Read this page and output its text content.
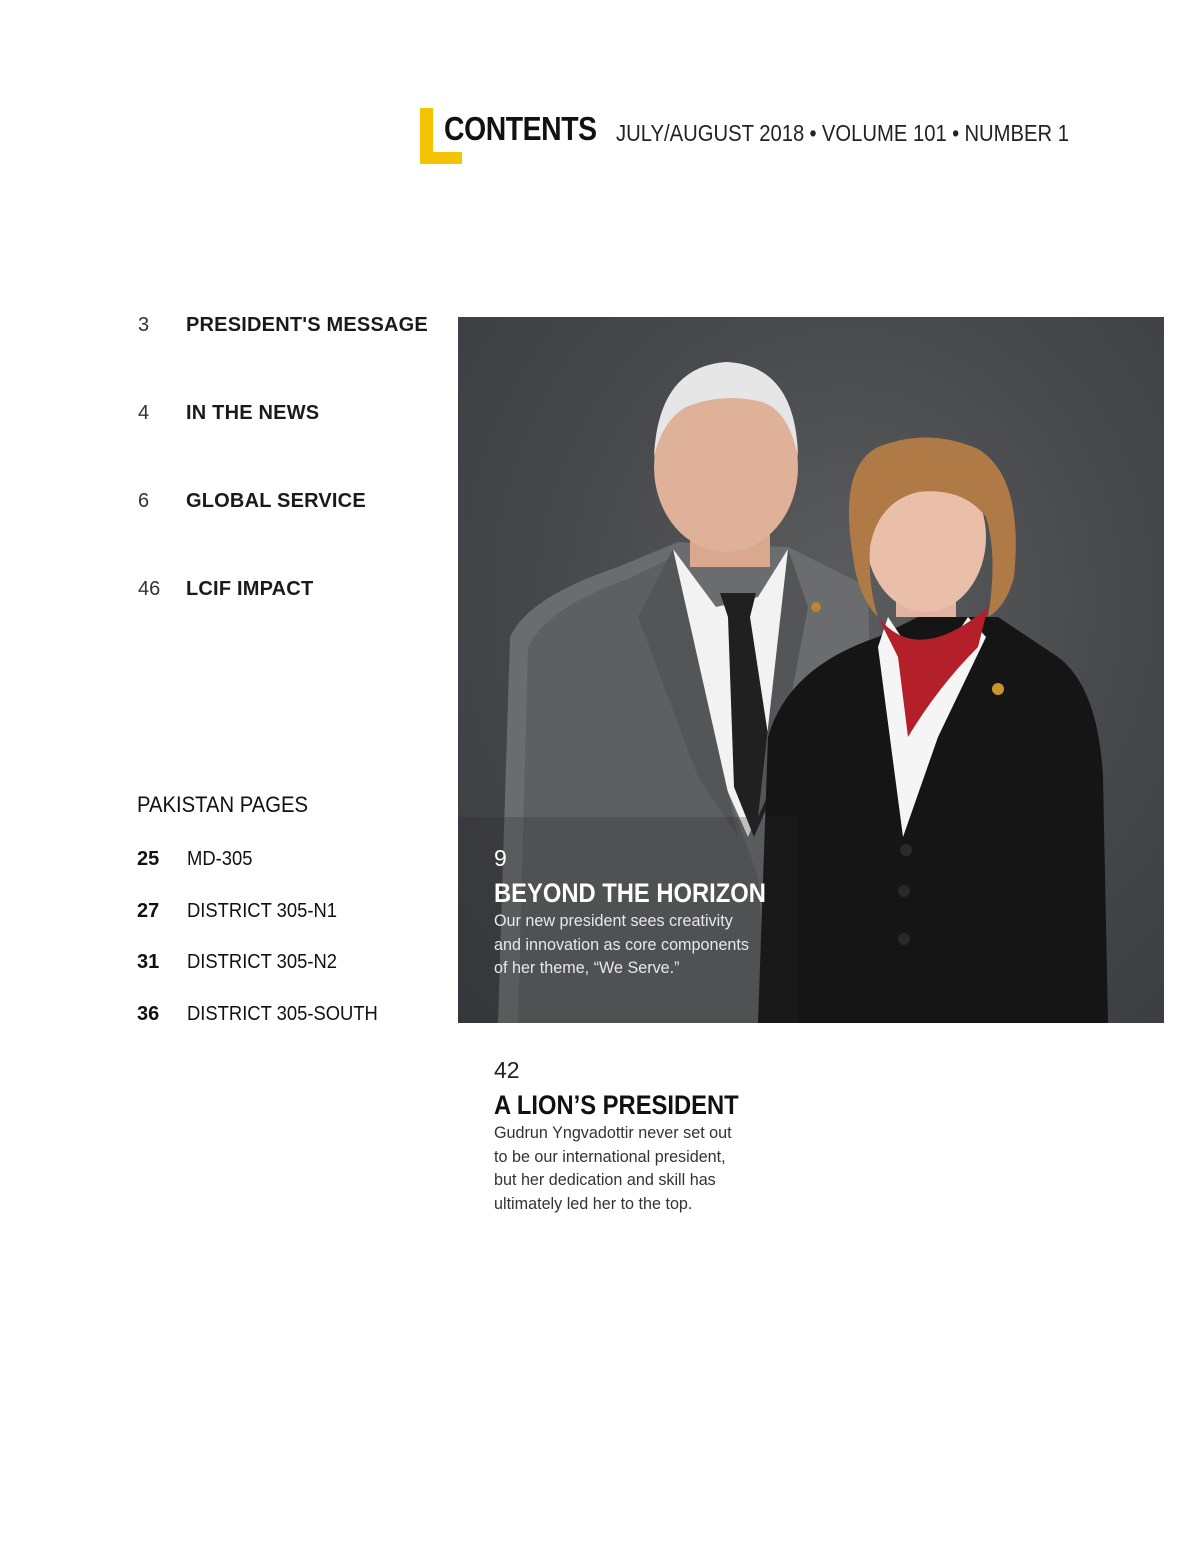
CONTENTS JULY/AUGUST 2018 • VOLUME 101 • NUMBER 1
3 PRESIDENT'S MESSAGE
4 IN THE NEWS
6 GLOBAL SERVICE
46 LCIF IMPACT
PAKISTAN PAGES
25 MD-305
27 DISTRICT 305-N1
31 DISTRICT 305-N2
36 DISTRICT 305-SOUTH
9
BEYOND THE HORIZON
Our new president sees creativity
and innovation as core components
of her theme, “We Serve.”
42
A LION’S PRESIDENT
Gudrun Yngvadottir never set out
to be our international president,
but her dedication and skill has
ultimately led her to the top.
